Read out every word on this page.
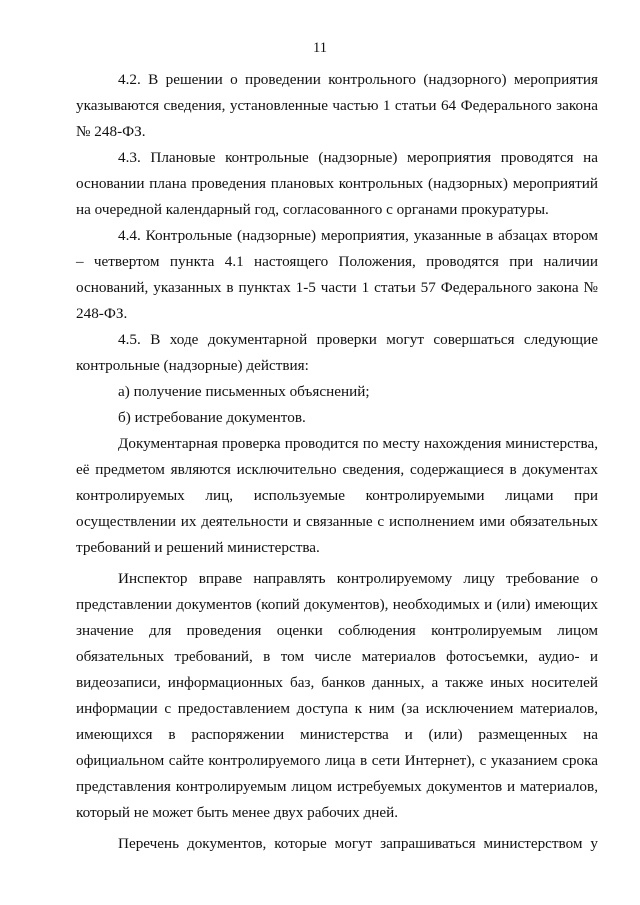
11

4.2. В решении о проведении контрольного (надзорного) мероприятия указываются сведения, установленные частью 1 статьи 64 Федерального закона № 248-ФЗ.

4.3. Плановые контрольные (надзорные) мероприятия проводятся на основании плана проведения плановых контрольных (надзорных) мероприятий на очередной календарный год, согласованного с органами прокуратуры.

4.4. Контрольные (надзорные) мероприятия, указанные в абзацах втором – четвертом пункта 4.1 настоящего Положения, проводятся при наличии оснований, указанных в пунктах 1-5 части 1 статьи 57 Федерального закона № 248-ФЗ.

4.5. В ходе документарной проверки могут совершаться следующие контрольные (надзорные) действия:

а) получение письменных объяснений;

б) истребование документов.

Документарная проверка проводится по месту нахождения министерства, её предметом являются исключительно сведения, содержащиеся в документах контролируемых лиц, используемые контролируемыми лицами при осуществлении их деятельности и связанные с исполнением ими обязательных требований и решений министерства.

Инспектор вправе направлять контролируемому лицу требование о представлении документов (копий документов), необходимых и (или) имеющих значение для проведения оценки соблюдения контролируемым лицом обязательных требований, в том числе материалов фотосъемки, аудио- и видеозаписи, информационных баз, банков данных, а также иных носителей информации с предоставлением доступа к ним (за исключением материалов, имеющихся в распоряжении министерства и (или) размещенных на официальном сайте контролируемого лица в сети Интернет), с указанием срока представления контролируемым лицом истребуемых документов и материалов, который не может быть менее двух рабочих дней.

Перечень документов, которые могут запрашиваться министерством у
